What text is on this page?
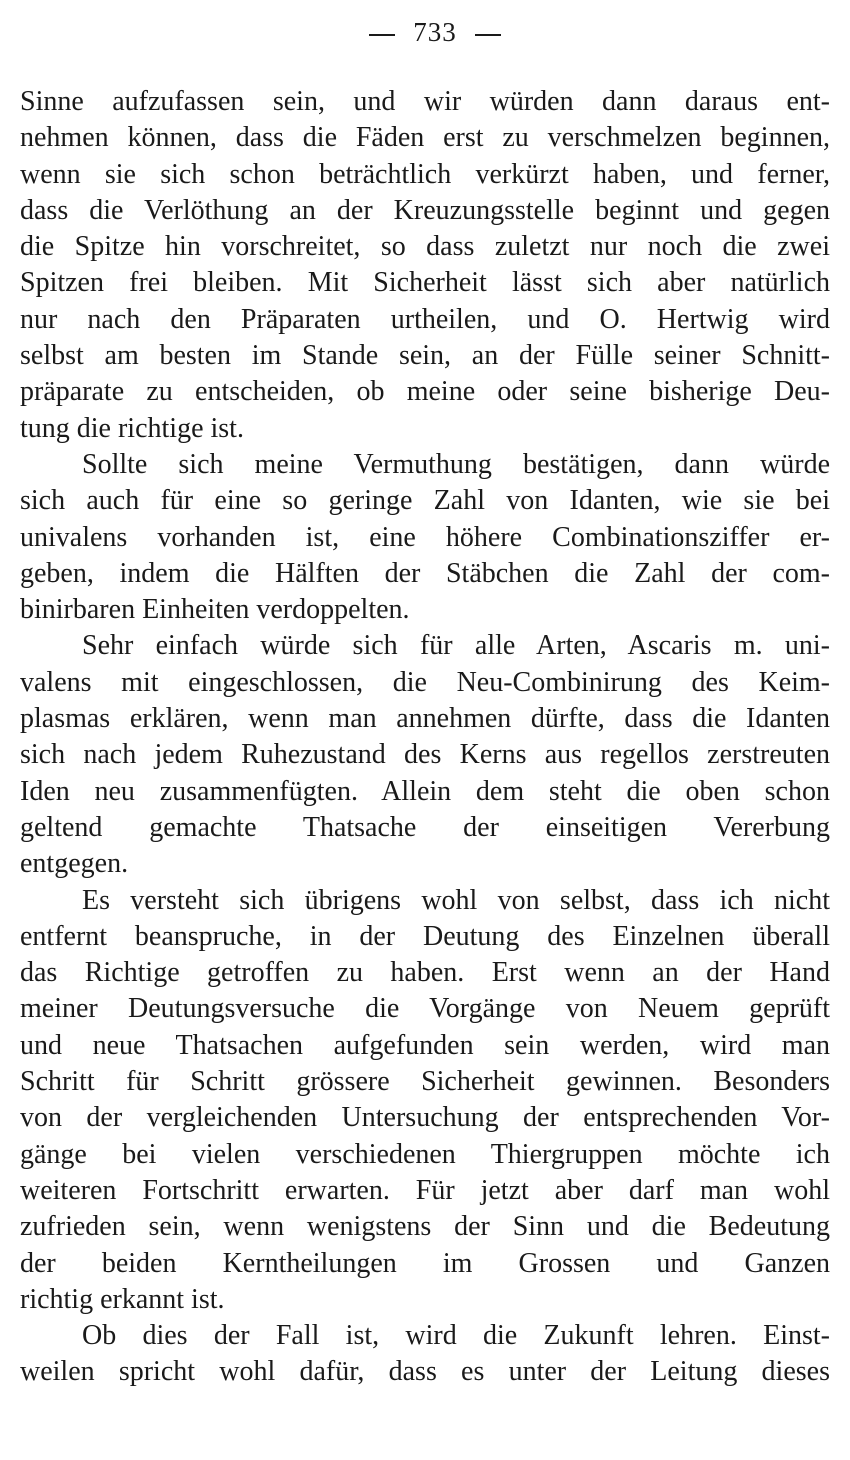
733
Sinne aufzufassen sein, und wir würden dann daraus ent-
nehmen können, dass die Fäden erst zu verschmelzen beginnen,
wenn sie sich schon beträchtlich verkürzt haben, und ferner,
dass die Verlöthung an der Kreuzungsstelle beginnt und gegen
die Spitze hin vorschreitet, so dass zuletzt nur noch die zwei
Spitzen frei bleiben. Mit Sicherheit lässt sich aber natürlich
nur nach den Präparaten urtheilen, und O. Hertwig wird
selbst am besten im Stande sein, an der Fülle seiner Schnitt-
präparate zu entscheiden, ob meine oder seine bisherige Deu-
tung die richtige ist.
Sollte sich meine Vermuthung bestätigen, dann würde
sich auch für eine so geringe Zahl von Idanten, wie sie bei
univalens vorhanden ist, eine höhere Combinationsziffer er-
geben, indem die Hälften der Stäbchen die Zahl der com-
binirbaren Einheiten verdoppelten.
Sehr einfach würde sich für alle Arten, Ascaris m. uni-
valens mit eingeschlossen, die Neu-Combinirung des Keim-
plasmas erklären, wenn man annehmen dürfte, dass die Idanten
sich nach jedem Ruhezustand des Kerns aus regellos zerstreuten
Iden neu zusammenfügten. Allein dem steht die oben schon
geltend gemachte Thatsache der einseitigen Vererbung
entgegen.
Es versteht sich übrigens wohl von selbst, dass ich nicht
entfernt beanspruche, in der Deutung des Einzelnen überall
das Richtige getroffen zu haben. Erst wenn an der Hand
meiner Deutungsversuche die Vorgänge von Neuem geprüft
und neue Thatsachen aufgefunden sein werden, wird man
Schritt für Schritt grössere Sicherheit gewinnen. Besonders
von der vergleichenden Untersuchung der entsprechenden Vor-
gänge bei vielen verschiedenen Thiergruppen möchte ich
weiteren Fortschritt erwarten. Für jetzt aber darf man wohl
zufrieden sein, wenn wenigstens der Sinn und die Bedeutung
der beiden Kerntheilungen im Grossen und Ganzen
richtig erkannt ist.
Ob dies der Fall ist, wird die Zukunft lehren. Einst-
weilen spricht wohl dafür, dass es unter der Leitung dieses
